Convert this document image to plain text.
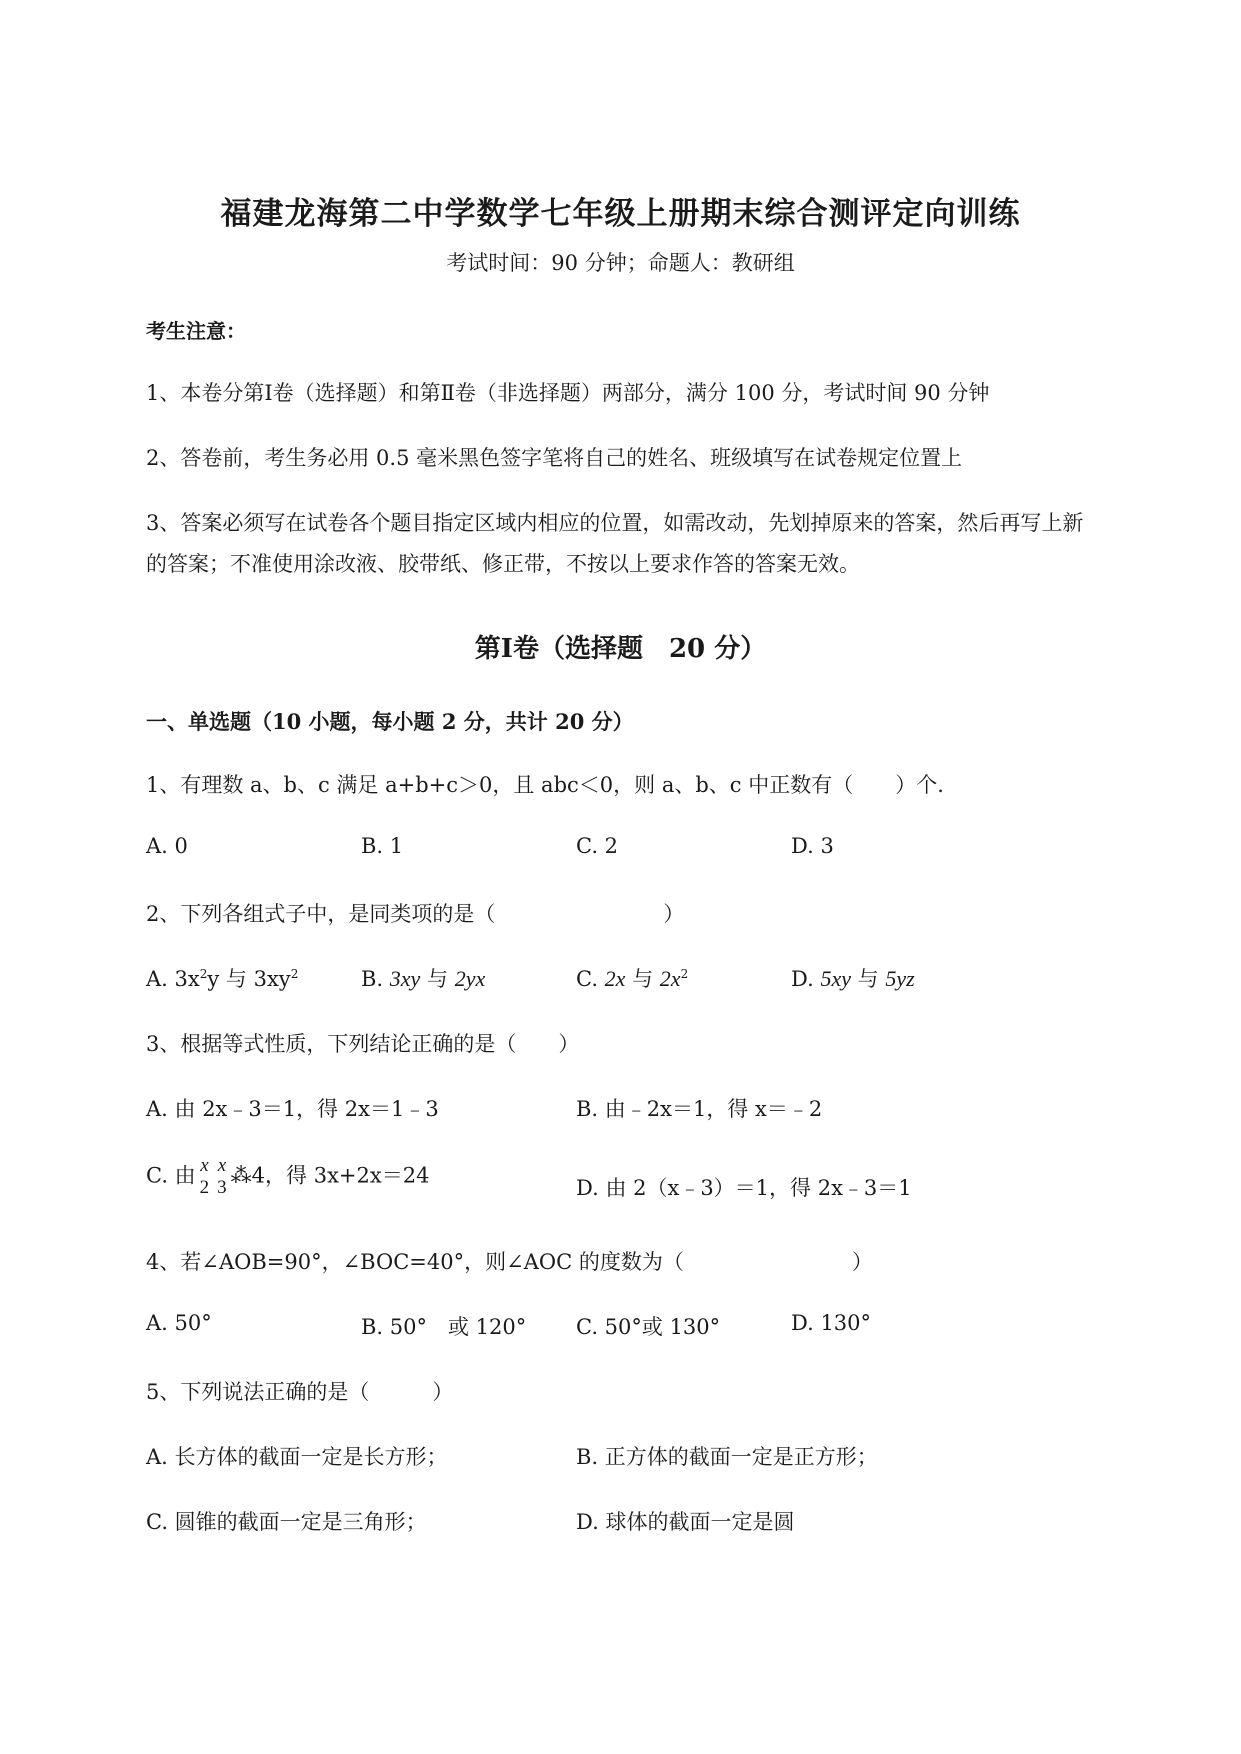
福建龙海第二中学数学七年级上册期末综合测评定向训练
考试时间：90 分钟；命题人：教研组
考生注意：
1、本卷分第Ⅰ卷（选择题）和第Ⅱ卷（非选择题）两部分，满分 100 分，考试时间 90 分钟
2、答卷前，考生务必用 0.5 毫米黑色签字笔将自己的姓名、班级填写在试卷规定位置上
3、答案必须写在试卷各个题目指定区域内相应的位置，如需改动，先划掉原来的答案，然后再写上新
的答案；不准使用涂改液、胶带纸、修正带，不按以上要求作答的答案无效。
第Ⅰ卷（选择题　20 分）
一、单选题（10 小题，每小题 2 分，共计 20 分）
1、有理数 a、b、c 满足 a+b+c＞0，且 abc＜0，则 a、b、c 中正数有（　　）个.
A. 0	B. 1	C. 2	D. 3
2、下列各组式子中，是同类项的是（　　　　　　　　）
A. $3x^2y$ 与 $3xy^2$	B. 3xy 与 2yx	C. 2x 与 $2x^2$	D. 5xy 与 5yz
3、根据等式性质，下列结论正确的是（　　）
A. 由 2x﹣3＝1，得 2x＝1﹣3	B. 由﹣2x＝1，得 x＝﹣2
C. 由 x
2
x
3 ⁂4，得 3x+2x＝24
D. 由 2（x﹣3）＝1，得 2x﹣3＝1
4、若∠AOB=90°，∠BOC=40°，则∠AOC 的度数为（　　　　　　　　）
A. 50°	B. 50°　或 120° C. 50°或 130°	D. 130°
5、下列说法正确的是（　　　）
A. 长方体的截面一定是长方形；	B. 正方体的截面一定是正方形；
C. 圆锥的截面一定是三角形；	D. 球体的截面一定是圆
